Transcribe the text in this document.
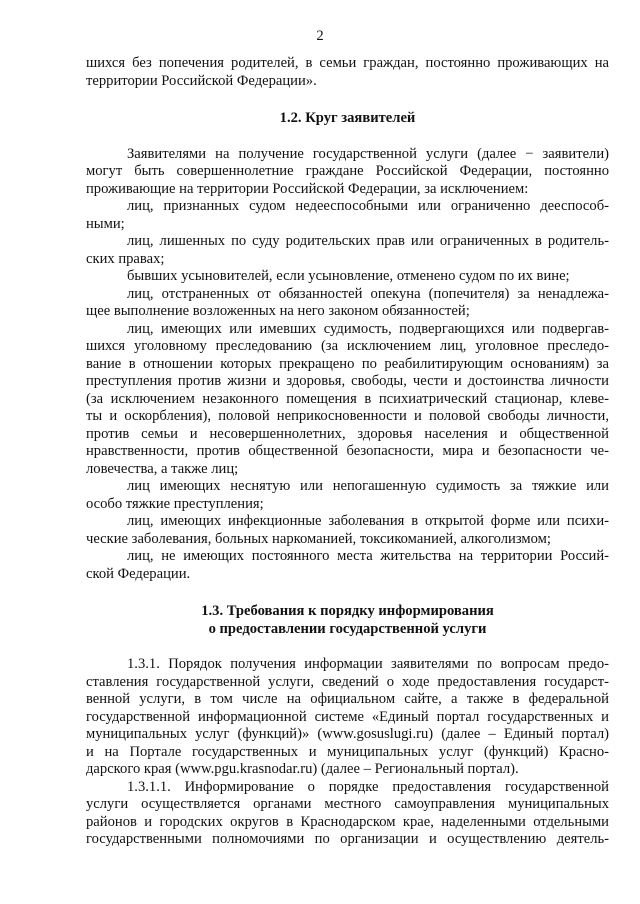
2
шихся без попечения родителей, в семьи граждан, постоянно проживающих на
территории Российской Федерации».
1.2. Круг заявителей
Заявителями на получение государственной услуги (далее − заявители)
могут быть совершеннолетние граждане Российской Федерации, постоянно
проживающие на территории Российской Федерации, за исключением:
лиц, признанных судом недееспособными или ограниченно дееспособ-
ными;
лиц, лишенных по суду родительских прав или ограниченных в родитель-
ских правах;
бывших усыновителей, если усыновление, отменено судом по их вине;
лиц, отстраненных от обязанностей опекуна (попечителя) за ненадлежа-
щее выполнение возложенных на него законом обязанностей;
лиц, имеющих или имевших судимость, подвергающихся или подвергав-
шихся уголовному преследованию (за исключением лиц, уголовное преследо-
вание в отношении которых прекращено по реабилитирующим основаниям) за
преступления против жизни и здоровья, свободы, чести и достоинства личности
(за исключением незаконного помещения в психиатрический стационар, клеве-
ты и оскорбления), половой неприкосновенности и половой свободы личности,
против семьи и несовершеннолетних, здоровья населения и общественной
нравственности, против общественной безопасности, мира и безопасности че-
ловечества, а также лиц;
лиц имеющих неснятую или непогашенную судимость за тяжкие или
особо тяжкие преступления;
лиц, имеющих инфекционные заболевания в открытой форме или психи-
ческие заболевания, больных наркоманией, токсикоманией, алкоголизмом;
лиц, не имеющих постоянного места жительства на территории Россий-
ской Федерации.
1.3. Требования к порядку информирования
о предоставлении государственной услуги
1.3.1. Порядок получения информации заявителями по вопросам предо-
ставления государственной услуги, сведений о ходе предоставления государст-
венной услуги, в том числе на официальном сайте, а также в федеральной
государственной информационной системе «Единый портал государственных и
муниципальных услуг (функций)» (www.gosuslugi.ru) (далее – Единый портал)
и на Портале государственных и муниципальных услуг (функций) Красно-
дарского края (www.pgu.krasnodar.ru) (далее – Региональный портал).
1.3.1.1. Информирование о порядке предоставления государственной
услуги осуществляется органами местного самоуправления муниципальных
районов и городских округов в Краснодарском крае, наделенными отдельными
государственными полномочиями по организации и осуществлению деятель-
